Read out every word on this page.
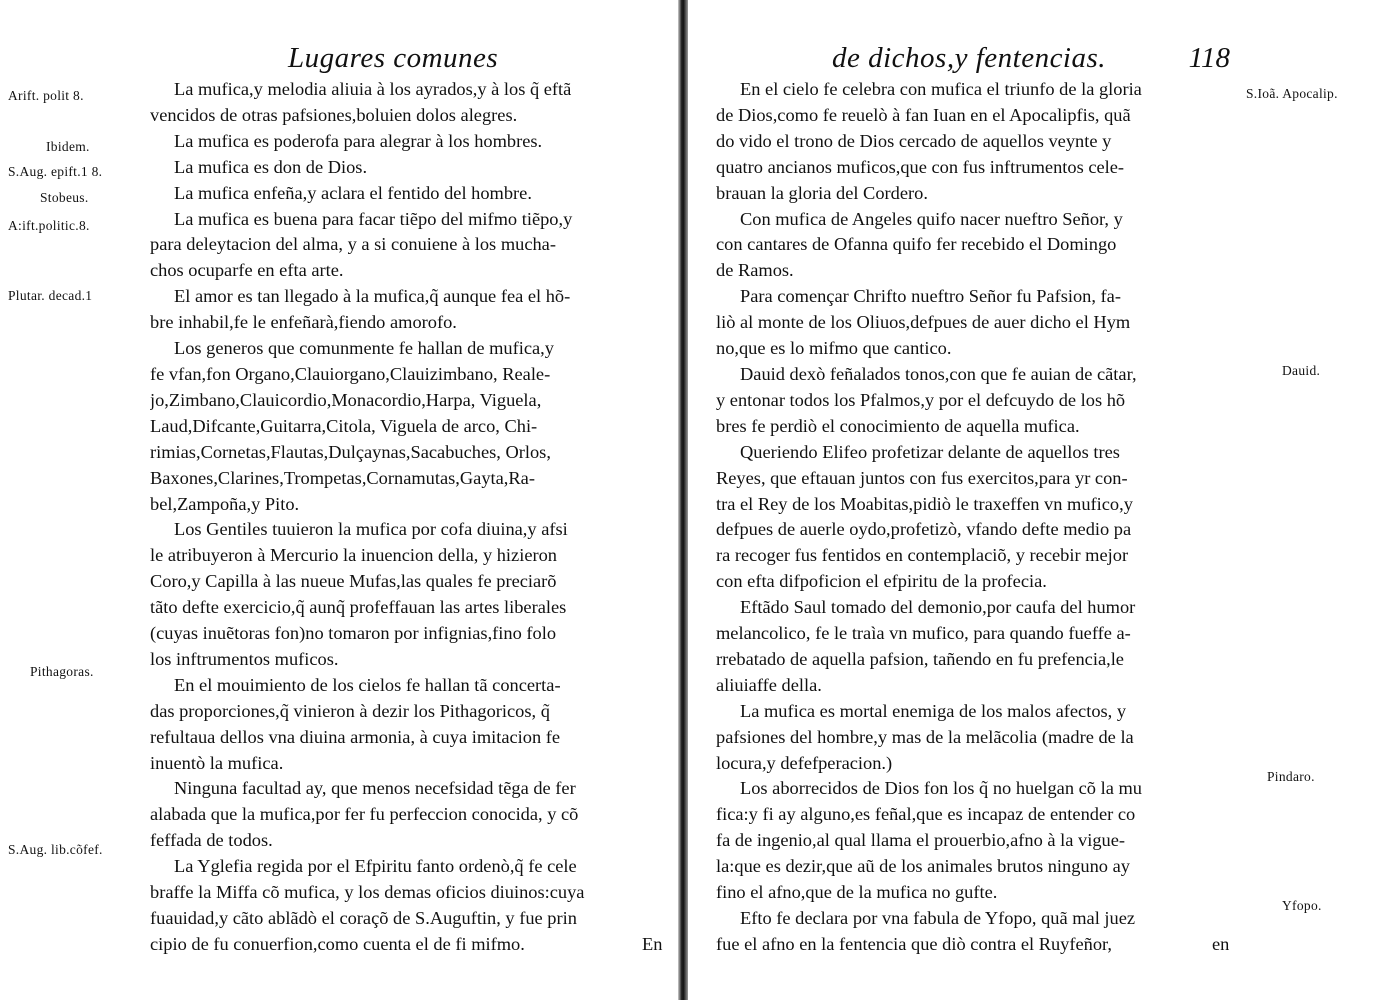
Lugares comunes
Arift. polit 8.
Ibidem.
S.Aug. epift.1 8.
Stobeus.
A:ift.politic.8.
Plutar. decad.1
Pithagoras.
S.Aug. lib.cõfef.

La mufica,y melodia aliuia à los ayrados,y à los q̃ eftã
vencidos de otras pafsiones,boluien dolos alegres.

La mufica es poderofa para alegrar à los hombres.

La mufica es don de Dios.

La mufica enfeña,y aclara el fentido del hombre.

La mufica es buena para facar tiẽpo del mifmo tiẽpo,y
para deleytacion del alma, y a si conuiene à los mucha-
chos ocuparfe en efta arte.

El amor es tan llegado à la mufica,q̃ aunque fea el hõ-
bre inhabil,fe le enfeñarà,fiendo amorofo.

Los generos que comunmente fe hallan de mufica,y
fe vfan,fon Organo,Clauiorgano,Clauizimbano, Reale-
jo,Zimbano,Clauicordio,Monacordio,Harpa, Viguela,
Laud,Difcante,Guitarra,Citola, Viguela de arco, Chi-
rimias,Cornetas,Flautas,Dulçaynas,Sacabuches, Orlos,
Baxones,Clarines,Trompetas,Cornamutas,Gayta,Ra-
bel,Zampoña,y Pito.

Los Gentiles tuuieron la mufica por cofa diuina,y afsi
le atribuyeron à Mercurio la inuencion della, y hizieron
Coro,y Capilla à las nueue Mufas,las quales fe preciarõ
tãto defte exercicio,q̃ aunq̃ profeffauan las artes liberales
(cuyas inuẽtoras fon)no tomaron por infignias,fino folo
los inftrumentos muficos.

En el mouimiento de los cielos fe hallan tã concerta-
das proporciones,q̃ vinieron à dezir los Pithagoricos, q̃
refultaua dellos vna diuina armonia, à cuya imitacion fe
inuentò la mufica.

Ninguna facultad ay, que menos necefsidad tẽga de fer
alabada que la mufica,por fer fu perfeccion conocida, y cõ
feffada de todos.

La Yglefia regida por el Efpiritu fanto ordenò,q̃ fe cele
braffe la Miffa cõ mufica, y los demas oficios diuinos:cuya
fuauidad,y cãto ablãdò el coraçõ de S.Auguftin, y fue prin
cipio de fu conuerfion,como cuenta el de fi mifmo.	En
de dichos,y fentencias.	118
S.Ioã. Apocalip.
Dauid.
Pindaro.
Yfopo.

En el cielo fe celebra con mufica el triunfo de la gloria
de Dios,como fe reuelò à fan Iuan en el Apocalipfis, quã
do vido el trono de Dios cercado de aquellos veynte y
quatro ancianos muficos,que con fus inftrumentos cele-
brauan la gloria del Cordero.

Con mufica de Angeles quifo nacer nueftro Señor, y
con cantares de Ofanna quifo fer recebido el Domingo
de Ramos.

Para començar Chrifto nueftro Señor fu Pafsion, fa-
liò al monte de los Oliuos,defpues de auer dicho el Hym
no,que es lo mifmo que cantico.

Dauid dexò feñalados tonos,con que fe auian de cãtar,
y entonar todos los Pfalmos,y por el defcuydo de los hõ
bres fe perdiò el conocimiento de aquella mufica.

Queriendo Elifeo profetizar delante de aquellos tres
Reyes, que eftauan juntos con fus exercitos,para yr con-
tra el Rey de los Moabitas,pidiò le traxeffen vn mufico,y
defpues de auerle oydo,profetizò, vfando defte medio pa
ra recoger fus fentidos en contemplaciõ, y recebir mejor
con efta difpoficion el efpiritu de la profecia.

Eftãdo Saul tomado del demonio,por caufa del humor
melancolico, fe le traìa vn mufico, para quando fueffe a-
rrebatado de aquella pafsion, tañendo en fu prefencia,le
aliuiaffe della.

La mufica es mortal enemiga de los malos afectos, y
pafsiones del hombre,y mas de la melãcolia (madre de la
locura,y defefperacion.)

Los aborrecidos de Dios fon los q̃ no huelgan cõ la mu
fica:y fi ay alguno,es feñal,que es incapaz de entender co
fa de ingenio,al qual llama el prouerbio,afno à la vigue-
la:que es dezir,que aũ de los animales brutos ninguno ay
fino el afno,que de la mufica no gufte.

Efto fe declara por vna fabula de Yfopo, quã mal juez
fue el afno en la fentencia que diò contra el Ruyfeñor,	en
